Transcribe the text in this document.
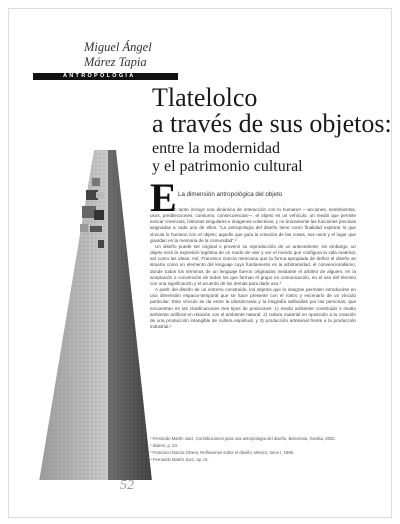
Miguel Ángel
Márez Tapia
ANTROPOLOGÍA
Tlatelolco
a través de sus objetos:
entre la modernidad
y el patrimonio cultural
E La dimensión antropológica del objeto

n tanto incluye una dinámica de interacción con lo humano¹ —acciones, sentimientos, usos, predilecciones, consumo, consecuencias—, el objeto es un vehículo, un medio que permite evocar creencias, historias singulares e imágenes colectivas, y no únicamente las funciones precisas asignadas a cada uno de ellos. "La antropología del diseño tiene como finalidad explorar lo que vincula lo humano con el objeto; aquello que guía la creación de las cosas, sus usos y el lugar que guardan en la memoria de la comunidad".²

Un diseño puede ser original o provenir su reproducción de un antecedente; sin embargo, un objeto será la expresión legítima de un modo de vivir y ver el mundo que configura la vida material, así como las ideas. Así, Francisco García menciona que la forma apropiada de definir el diseño se situaría como un elemento del lenguaje cuyo fundamento es la arbitrariedad, el convencionalismo, donde todos los términos de un lenguaje fueron originados mediante el arbitrio de alguien, en la aceptación o convención de todos los que forman el grupo en comunicación, en el uso del término con una significación y el acuerdo de los demás para darle uso.³

A partir del diseño de un entorno construido, los objetos que lo integran permiten introducirse en una dimensión espacio-temporal que se hace presente con el rostro y escenario de un vínculo particular. Este vínculo se da entre la idiosincrasia y la biografía atribuidas por las personas, que encuentran en las clasificaciones tres tipos de posiciones: 1) medio ambiente construido o medio ambiente artificial en relación con el ambiente natural; 2) cultura material en oposición a la creación de una producción intangible de cultura espiritual, y 3) producción artesanal frente a la producción industrial.⁴

¹ Fernando Martín Juez, Contribuciones para una antropología del diseño, Barcelona, Gedisa, 2002.
² Ibidem, p. 23.
³ Francisco García Olvera, Reflexiones sobre el diseño, México, tomo I, 1996.
⁴ Fernando Martín Juez, op. cit.
52
